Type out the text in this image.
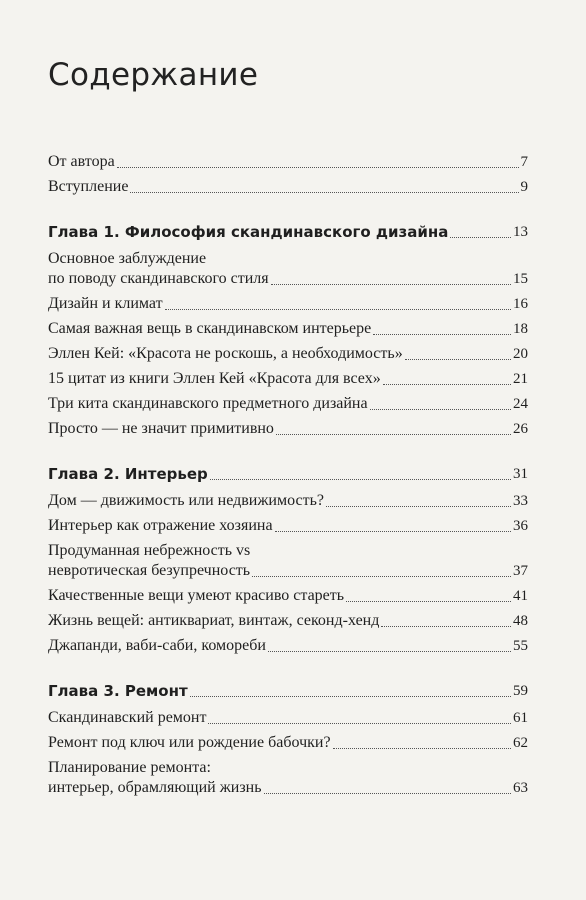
Содержание
От автора	7
Вступление	9
Глава 1. Философия скандинавского дизайна	13
Основное заблуждение
по поводу скандинавского стиля	15
Дизайн и климат	16
Самая важная вещь в скандинавском интерьере	18
Эллен Кей: «Красота не роскошь, а необходимость»	20
15 цитат из книги Эллен Кей «Красота для всех»	21
Три кита скандинавского предметного дизайна	24
Просто — не значит примитивно	26
Глава 2. Интерьер	31
Дом — движимость или недвижимость?	33
Интерьер как отражение хозяина	36
Продуманная небрежность vs
невротическая безупречность	37
Качественные вещи умеют красиво стареть	41
Жизнь вещей: антиквариат, винтаж, секонд-хенд	48
Джапанди, ваби-саби, комореби	55
Глава 3. Ремонт	59
Скандинавский ремонт	61
Ремонт под ключ или рождение бабочки?	62
Планирование ремонта:
интерьер, обрамляющий жизнь	63
